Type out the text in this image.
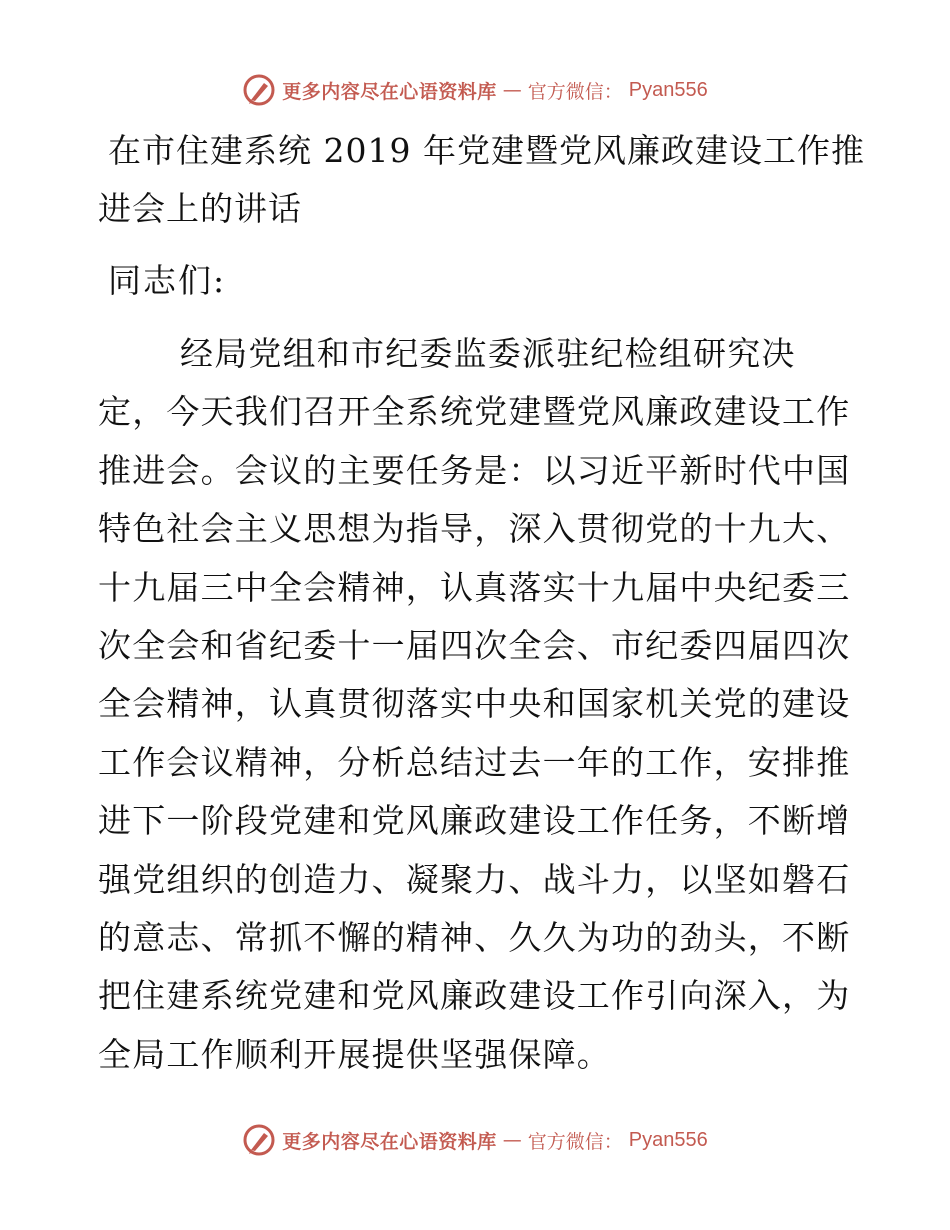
更多内容尽在心语资料库 — 官方微信： Pyan556
在市住建系统 2019 年党建暨党风廉政建设工作推
进会上的讲话
同志们:
经局党组和市纪委监委派驻纪检组研究决
定，今天我们召开全系统党建暨党风廉政建设工作
推进会。会议的主要任务是：以习近平新时代中国
特色社会主义思想为指导，深入贯彻党的十九大、
十九届三中全会精神，认真落实十九届中央纪委三
次全会和省纪委十一届四次全会、市纪委四届四次
全会精神，认真贯彻落实中央和国家机关党的建设
工作会议精神，分析总结过去一年的工作，安排推
进下一阶段党建和党风廉政建设工作任务，不断增
强党组织的创造力、凝聚力、战斗力，以坚如磐石
的意志、常抓不懈的精神、久久为功的劲头，不断
把住建系统党建和党风廉政建设工作引向深入，为
全局工作顺利开展提供坚强保障。
更多内容尽在心语资料库 — 官方微信： Pyan556
